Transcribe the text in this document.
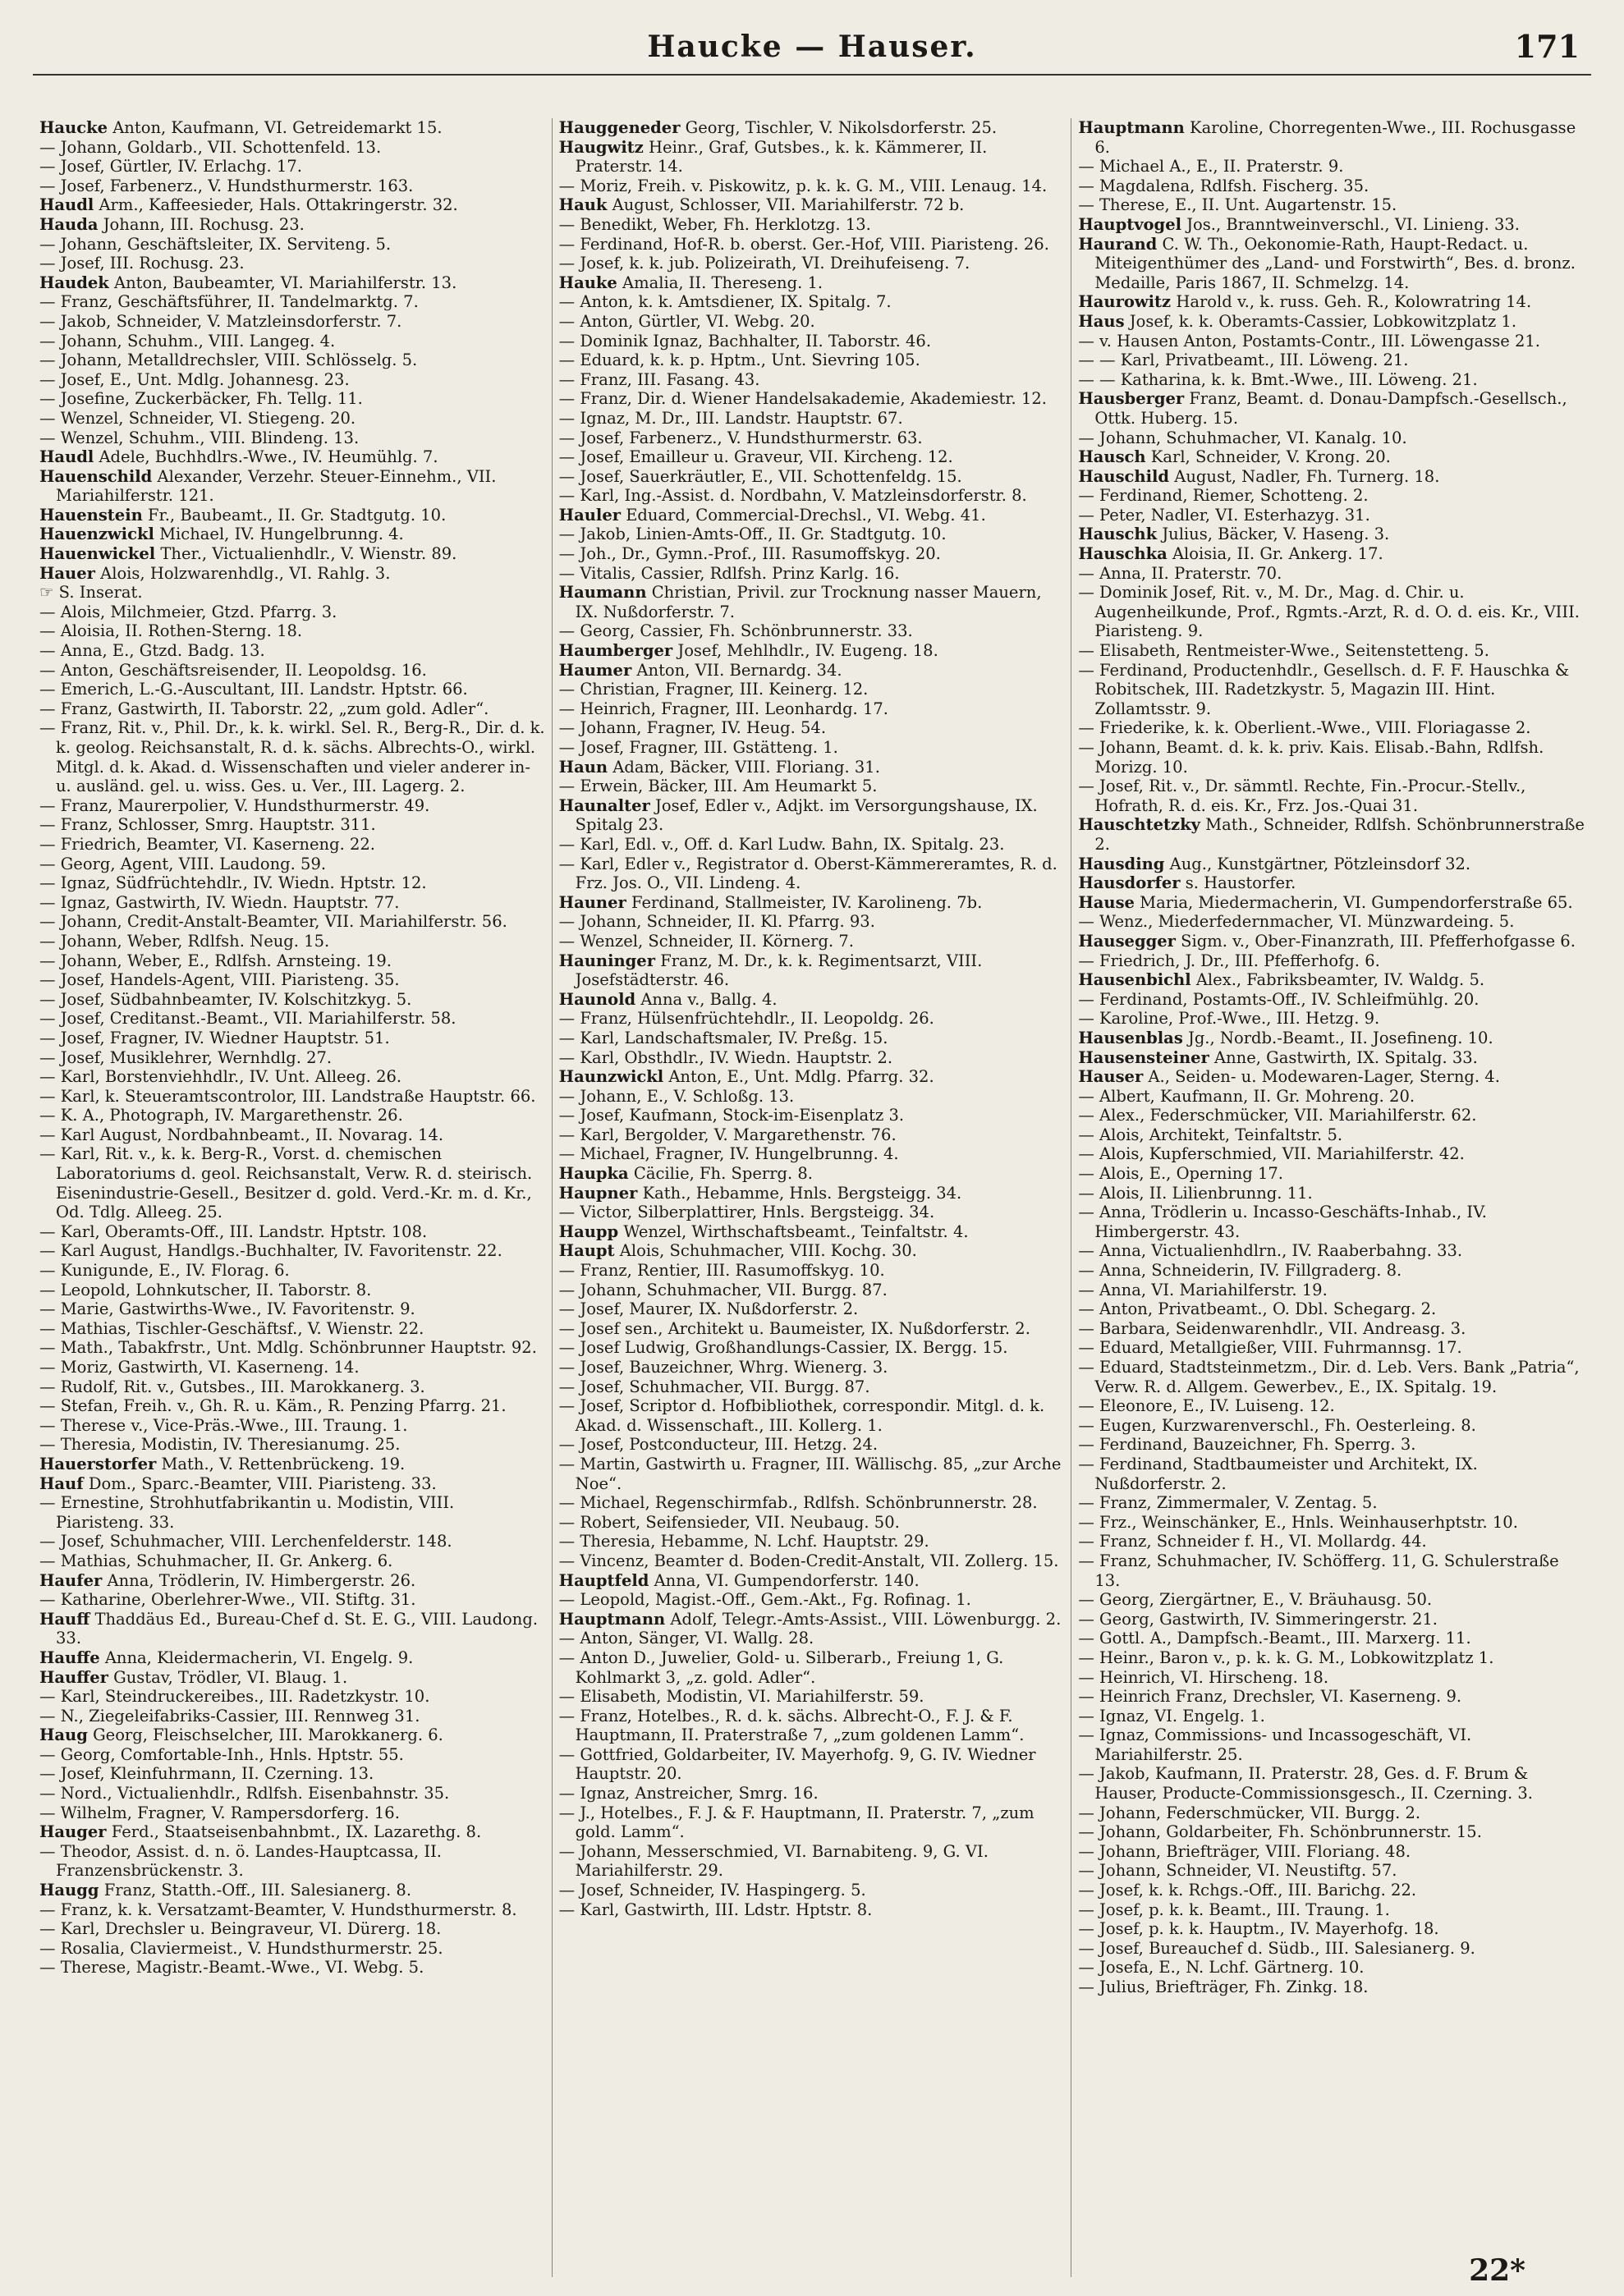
Haucke — Hauser.	171

Haucke Anton, Kaufmann, VI. Getreidemarkt 15.

— Johann, Goldarb., VII. Schottenfeld. 13.

— Josef, Gürtler, IV. Erlachg. 17.

— Josef, Farbenerz., V. Hundsthurmerstr. 163.

Haudl Arm., Kaffeesieder, Hals. Ottakringerstr. 32.

Hauda Johann, III. Rochusg. 23.

— Johann, Geschäftsleiter, IX. Serviteng. 5.

— Josef, III. Rochusg. 23.

Haudek Anton, Baubeamter, VI. Mariahilferstr. 13.

— Franz, Geschäftsführer, II. Tandelmarktg. 7.

— Jakob, Schneider, V. Matzleinsdorferstr. 7.

— Johann, Schuhm., VIII. Langeg. 4.

— Johann, Metalldrechsler, VIII. Schlösselg. 5.

— Josef, E., Unt. Mdlg. Johannesg. 23.

— Josefine, Zuckerbäcker, Fh. Tellg. 11.

— Wenzel, Schneider, VI. Stiegeng. 20.

— Wenzel, Schuhm., VIII. Blindeng. 13.

Haudl Adele, Buchhdlrs.-Wwe., IV. Heumühlg. 7.

Hauenschild Alexander, Verzehr. Steuer-Einnehm., VII. Mariahilferstr. 121.

Hauenstein Fr., Baubeamt., II. Gr. Stadtgutg. 10.

Hauenzwickl Michael, IV. Hungelbrunng. 4.

Hauenwickel Ther., Victualienhdlr., V. Wienstr. 89.

Hauer Alois, Holzwarenhdlg., VI. Rahlg. 3.

☞ S. Inserat.

— Alois, Milchmeier, Gtzd. Pfarrg. 3.

— Aloisia, II. Rothen-Sterng. 18.

— Anna, E., Gtzd. Badg. 13.

— Anton, Geschäftsreisender, II. Leopoldsg. 16.

— Emerich, L.-G.-Auscultant, III. Landstr. Hptstr. 66.

— Franz, Gastwirth, II. Taborstr. 22, „zum gold. Adler“.

— Franz, Rit. v., Phil. Dr., k. k. wirkl. Sel. R., Berg-R., Dir. d. k. k. geolog. Reichsanstalt, R. d. k. sächs. Albrechts-O., wirkl. Mitgl. d. k. Akad. d. Wissenschaften und vieler anderer in- u. ausländ. gel. u. wiss. Ges. u. Ver., III. Lagerg. 2.

— Franz, Maurerpolier, V. Hundsthurmerstr. 49.

— Franz, Schlosser, Smrg. Hauptstr. 311.

— Friedrich, Beamter, VI. Kaserneng. 22.

— Georg, Agent, VIII. Laudong. 59.

— Ignaz, Südfrüchtehdlr., IV. Wiedn. Hptstr. 12.

— Ignaz, Gastwirth, IV. Wiedn. Hauptstr. 77.

— Johann, Credit-Anstalt-Beamter, VII. Mariahilferstr. 56.

— Johann, Weber, Rdlfsh. Neug. 15.

— Johann, Weber, E., Rdlfsh. Arnsteing. 19.

— Josef, Handels-Agent, VIII. Piaristeng. 35.

— Josef, Südbahnbeamter, IV. Kolschitzkyg. 5.

— Josef, Creditanst.-Beamt., VII. Mariahilferstr. 58.

— Josef, Fragner, IV. Wiedner Hauptstr. 51.

— Josef, Musiklehrer, Wernhdlg. 27.

— Karl, Borstenviehhdlr., IV. Unt. Alleeg. 26.

— Karl, k. Steueramtscontrolor, III. Landstraße Hauptstr. 66.

— K. A., Photograph, IV. Margarethenstr. 26.

— Karl August, Nordbahnbeamt., II. Novarag. 14.

— Karl, Rit. v., k. k. Berg-R., Vorst. d. chemischen Laboratoriums d. geol. Reichsanstalt, Verw. R. d. steirisch. Eisenindustrie-Gesell., Besitzer d. gold. Verd.-Kr. m. d. Kr., Od. Tdlg. Alleeg. 25.

— Karl, Oberamts-Off., III. Landstr. Hptstr. 108.

— Karl August, Handlgs.-Buchhalter, IV. Favoritenstr. 22.

— Kunigunde, E., IV. Florag. 6.

— Leopold, Lohnkutscher, II. Taborstr. 8.

— Marie, Gastwirths-Wwe., IV. Favoritenstr. 9.

— Mathias, Tischler-Geschäftsf., V. Wienstr. 22.

— Math., Tabakfrstr., Unt. Mdlg. Schönbrunner Hauptstr. 92.

— Moriz, Gastwirth, VI. Kaserneng. 14.

— Rudolf, Rit. v., Gutsbes., III. Marokkanerg. 3.

— Stefan, Freih. v., Gh. R. u. Käm., R. Penzing Pfarrg. 21.

— Therese v., Vice-Präs.-Wwe., III. Traung. 1.

— Theresia, Modistin, IV. Theresianumg. 25.

Hauerstorfer Math., V. Rettenbrückeng. 19.

Hauf Dom., Sparc.-Beamter, VIII. Piaristeng. 33.

— Ernestine, Strohhutfabrikantin u. Modistin, VIII. Piaristeng. 33.

— Josef, Schuhmacher, VIII. Lerchenfelderstr. 148.

— Mathias, Schuhmacher, II. Gr. Ankerg. 6.

Haufer Anna, Trödlerin, IV. Himbergerstr. 26.

— Katharine, Oberlehrer-Wwe., VII. Stiftg. 31.

Hauff Thaddäus Ed., Bureau-Chef d. St. E. G., VIII. Laudong. 33.

Hauffe Anna, Kleidermacherin, VI. Engelg. 9.

Hauffer Gustav, Trödler, VI. Blaug. 1.

— Karl, Steindruckereibes., III. Radetzkystr. 10.

— N., Ziegeleifabriks-Cassier, III. Rennweg 31.

Haug Georg, Fleischselcher, III. Marokkanerg. 6.

— Georg, Comfortable-Inh., Hnls. Hptstr. 55.

— Josef, Kleinfuhrmann, II. Czerning. 13.

— Nord., Victualienhdlr., Rdlfsh. Eisenbahnstr. 35.

— Wilhelm, Fragner, V. Rampersdorferg. 16.

Hauger Ferd., Staatseisenbahnbmt., IX. Lazarethg. 8.

— Theodor, Assist. d. n. ö. Landes-Hauptcassa, II. Franzensbrückenstr. 3.

Haugg Franz, Statth.-Off., III. Salesianerg. 8.

— Franz, k. k. Versatzamt-Beamter, V. Hundsthurmerstr. 8.

— Karl, Drechsler u. Beingraveur, VI. Dürerg. 18.

— Rosalia, Claviermeist., V. Hundsthurmerstr. 25.

— Therese, Magistr.-Beamt.-Wwe., VI. Webg. 5.

Hauggeneder Georg, Tischler, V. Nikolsdorferstr. 25.

Haugwitz Heinr., Graf, Gutsbes., k. k. Kämmerer, II. Praterstr. 14.

— Moriz, Freih. v. Piskowitz, p. k. k. G. M., VIII. Lenaug. 14.

Hauk August, Schlosser, VII. Mariahilferstr. 72 b.

— Benedikt, Weber, Fh. Herklotzg. 13.

— Ferdinand, Hof-R. b. oberst. Ger.-Hof, VIII. Piaristeng. 26.

— Josef, k. k. jub. Polizeirath, VI. Dreihufeiseng. 7.

Hauke Amalia, II. Thereseng. 1.

— Anton, k. k. Amtsdiener, IX. Spitalg. 7.

— Anton, Gürtler, VI. Webg. 20.

— Dominik Ignaz, Bachhalter, II. Taborstr. 46.

— Eduard, k. k. p. Hptm., Unt. Sievring 105.

— Franz, III. Fasang. 43.

— Franz, Dir. d. Wiener Handelsakademie, Akademiestr. 12.

— Ignaz, M. Dr., III. Landstr. Hauptstr. 67.

— Josef, Farbenerz., V. Hundsthurmerstr. 63.

— Josef, Emailleur u. Graveur, VII. Kircheng. 12.

— Josef, Sauerkräutler, E., VII. Schottenfeldg. 15.

— Karl, Ing.-Assist. d. Nordbahn, V. Matzleinsdorferstr. 8.

Hauler Eduard, Commercial-Drechsl., VI. Webg. 41.

— Jakob, Linien-Amts-Off., II. Gr. Stadtgutg. 10.

— Joh., Dr., Gymn.-Prof., III. Rasumoffskyg. 20.

— Vitalis, Cassier, Rdlfsh. Prinz Karlg. 16.

Haumann Christian, Privil. zur Trocknung nasser Mauern, IX. Nußdorferstr. 7.

— Georg, Cassier, Fh. Schönbrunnerstr. 33.

Haumberger Josef, Mehlhdlr., IV. Eugeng. 18.

Haumer Anton, VII. Bernardg. 34.

— Christian, Fragner, III. Keinerg. 12.

— Heinrich, Fragner, III. Leonhardg. 17.

— Johann, Fragner, IV. Heug. 54.

— Josef, Fragner, III. Gstätteng. 1.

Haun Adam, Bäcker, VIII. Floriang. 31.

— Erwein, Bäcker, III. Am Heumarkt 5.

Haunalter Josef, Edler v., Adjkt. im Versorgungshause, IX. Spitalg 23.

— Karl, Edl. v., Off. d. Karl Ludw. Bahn, IX. Spitalg. 23.

— Karl, Edler v., Registrator d. Oberst-Kämmereramtes, R. d. Frz. Jos. O., VII. Lindeng. 4.

Hauner Ferdinand, Stallmeister, IV. Karolineng. 7b.

— Johann, Schneider, II. Kl. Pfarrg. 93.

— Wenzel, Schneider, II. Körnerg. 7.

Hauninger Franz, M. Dr., k. k. Regimentsarzt, VIII. Josefstädterstr. 46.

Haunold Anna v., Ballg. 4.

— Franz, Hülsenfrüchtehdlr., II. Leopoldg. 26.

— Karl, Landschaftsmaler, IV. Preßg. 15.

— Karl, Obsthdlr., IV. Wiedn. Hauptstr. 2.

Haunzwickl Anton, E., Unt. Mdlg. Pfarrg. 32.

— Johann, E., V. Schloßg. 13.

— Josef, Kaufmann, Stock-im-Eisenplatz 3.

— Karl, Bergolder, V. Margarethenstr. 76.

— Michael, Fragner, IV. Hungelbrunng. 4.

Haupka Cäcilie, Fh. Sperrg. 8.

Haupner Kath., Hebamme, Hnls. Bergsteigg. 34.

— Victor, Silberplattirer, Hnls. Bergsteigg. 34.

Haupp Wenzel, Wirthschaftsbeamt., Teinfaltstr. 4.

Haupt Alois, Schuhmacher, VIII. Kochg. 30.

— Franz, Rentier, III. Rasumoffskyg. 10.

— Johann, Schuhmacher, VII. Burgg. 87.

— Josef, Maurer, IX. Nußdorferstr. 2.

— Josef sen., Architekt u. Baumeister, IX. Nußdorferstr. 2.

— Josef Ludwig, Großhandlungs-Cassier, IX. Bergg. 15.

— Josef, Bauzeichner, Whrg. Wienerg. 3.

— Josef, Schuhmacher, VII. Burgg. 87.

— Josef, Scriptor d. Hofbibliothek, correspondir. Mitgl. d. k. Akad. d. Wissenschaft., III. Kollerg. 1.

— Josef, Postconducteur, III. Hetzg. 24.

— Martin, Gastwirth u. Fragner, III. Wällischg. 85, „zur Arche Noe“.

— Michael, Regenschirmfab., Rdlfsh. Schönbrunnerstr. 28.

— Robert, Seifensieder, VII. Neubaug. 50.

— Theresia, Hebamme, N. Lchf. Hauptstr. 29.

— Vincenz, Beamter d. Boden-Credit-Anstalt, VII. Zollerg. 15.

Hauptfeld Anna, VI. Gumpendorferstr. 140.

— Leopold, Magist.-Off., Gem.-Akt., Fg. Rofinag. 1.

Hauptmann Adolf, Telegr.-Amts-Assist., VIII. Löwenburgg. 2.

— Anton, Sänger, VI. Wallg. 28.

— Anton D., Juwelier, Gold- u. Silberarb., Freiung 1, G. Kohlmarkt 3, „z. gold. Adler“.

— Elisabeth, Modistin, VI. Mariahilferstr. 59.

— Franz, Hotelbes., R. d. k. sächs. Albrecht-O., F. J. & F. Hauptmann, II. Praterstraße 7, „zum goldenen Lamm“.

— Gottfried, Goldarbeiter, IV. Mayerhofg. 9, G. IV. Wiedner Hauptstr. 20.

— Ignaz, Anstreicher, Smrg. 16.

— J., Hotelbes., F. J. & F. Hauptmann, II. Praterstr. 7, „zum gold. Lamm“.

— Johann, Messerschmied, VI. Barnabiteng. 9, G. VI. Mariahilferstr. 29.

— Josef, Schneider, IV. Haspingerg. 5.

— Karl, Gastwirth, III. Ldstr. Hptstr. 8.

Hauptmann Karoline, Chorregenten-Wwe., III. Rochusgasse 6.

— Michael A., E., II. Praterstr. 9.

— Magdalena, Rdlfsh. Fischerg. 35.

— Therese, E., II. Unt. Augartenstr. 15.

Hauptvogel Jos., Branntweinverschl., VI. Linieng. 33.

Haurand C. W. Th., Oekonomie-Rath, Haupt-Redact. u. Miteigenthümer des „Land- und Forstwirth“, Bes. d. bronz. Medaille, Paris 1867, II. Schmelzg. 14.

Haurowitz Harold v., k. russ. Geh. R., Kolowratring 14.

Haus Josef, k. k. Oberamts-Cassier, Lobkowitzplatz 1.

— v. Hausen Anton, Postamts-Contr., III. Löwengasse 21.

— — Karl, Privatbeamt., III. Löweng. 21.

— — Katharina, k. k. Bmt.-Wwe., III. Löweng. 21.

Hausberger Franz, Beamt. d. Donau-Dampfsch.-Gesellsch., Ottk. Huberg. 15.

— Johann, Schuhmacher, VI. Kanalg. 10.

Hausch Karl, Schneider, V. Krong. 20.

Hauschild August, Nadler, Fh. Turnerg. 18.

— Ferdinand, Riemer, Schotteng. 2.

— Peter, Nadler, VI. Esterhazyg. 31.

Hauschk Julius, Bäcker, V. Haseng. 3.

Hauschka Aloisia, II. Gr. Ankerg. 17.

— Anna, II. Praterstr. 70.

— Dominik Josef, Rit. v., M. Dr., Mag. d. Chir. u. Augenheilkunde, Prof., Rgmts.-Arzt, R. d. O. d. eis. Kr., VIII. Piaristeng. 9.

— Elisabeth, Rentmeister-Wwe., Seitenstetteng. 5.

— Ferdinand, Productenhdlr., Gesellsch. d. F. F. Hauschka & Robitschek, III. Radetzkystr. 5, Magazin III. Hint. Zollamtsstr. 9.

— Friederike, k. k. Oberlient.-Wwe., VIII. Floriagasse 2.

— Johann, Beamt. d. k. k. priv. Kais. Elisab.-Bahn, Rdlfsh. Morizg. 10.

— Josef, Rit. v., Dr. sämmtl. Rechte, Fin.-Procur.-Stellv., Hofrath, R. d. eis. Kr., Frz. Jos.-Quai 31.

Hauschtetzky Math., Schneider, Rdlfsh. Schönbrunnerstraße 2.

Hausding Aug., Kunstgärtner, Pötzleinsdorf 32.

Hausdorfer s. Haustorfer.

Hause Maria, Miedermacherin, VI. Gumpendorferstraße 65.

— Wenz., Miederfedernmacher, VI. Münzwardeing. 5.

Hausegger Sigm. v., Ober-Finanzrath, III. Pfefferhofgasse 6.

— Friedrich, J. Dr., III. Pfefferhofg. 6.

Hausenbichl Alex., Fabriksbeamter, IV. Waldg. 5.

— Ferdinand, Postamts-Off., IV. Schleifmühlg. 20.

— Karoline, Prof.-Wwe., III. Hetzg. 9.

Hausenblas Jg., Nordb.-Beamt., II. Josefineng. 10.

Hausensteiner Anne, Gastwirth, IX. Spitalg. 33.

Hauser A., Seiden- u. Modewaren-Lager, Sterng. 4.

— Albert, Kaufmann, II. Gr. Mohreng. 20.

— Alex., Federschmücker, VII. Mariahilferstr. 62.

— Alois, Architekt, Teinfaltstr. 5.

— Alois, Kupferschmied, VII. Mariahilferstr. 42.

— Alois, E., Operning 17.

— Alois, II. Lilienbrunng. 11.

— Anna, Trödlerin u. Incasso-Geschäfts-Inhab., IV. Himbergerstr. 43.

— Anna, Victualienhdlrn., IV. Raaberbahng. 33.

— Anna, Schneiderin, IV. Fillgraderg. 8.

— Anna, VI. Mariahilferstr. 19.

— Anton, Privatbeamt., O. Dbl. Schegarg. 2.

— Barbara, Seidenwarenhdlr., VII. Andreasg. 3.

— Eduard, Metallgießer, VIII. Fuhrmannsg. 17.

— Eduard, Stadtsteinmetzm., Dir. d. Leb. Vers. Bank „Patria“, Verw. R. d. Allgem. Gewerbev., E., IX. Spitalg. 19.

— Eleonore, E., IV. Luiseng. 12.

— Eugen, Kurzwarenverschl., Fh. Oesterleing. 8.

— Ferdinand, Bauzeichner, Fh. Sperrg. 3.

— Ferdinand, Stadtbaumeister und Architekt, IX. Nußdorferstr. 2.

— Franz, Zimmermaler, V. Zentag. 5.

— Frz., Weinschänker, E., Hnls. Weinhauserhptstr. 10.

— Franz, Schneider f. H., VI. Mollardg. 44.

— Franz, Schuhmacher, IV. Schöfferg. 11, G. Schulerstraße 13.

— Georg, Ziergärtner, E., V. Bräuhausg. 50.

— Georg, Gastwirth, IV. Simmeringerstr. 21.

— Gottl. A., Dampfsch.-Beamt., III. Marxerg. 11.

— Heinr., Baron v., p. k. k. G. M., Lobkowitzplatz 1.

— Heinrich, VI. Hirscheng. 18.

— Heinrich Franz, Drechsler, VI. Kaserneng. 9.

— Ignaz, VI. Engelg. 1.

— Ignaz, Commissions- und Incassogeschäft, VI. Mariahilferstr. 25.

— Jakob, Kaufmann, II. Praterstr. 28, Ges. d. F. Brum & Hauser, Producte-Commissionsgesch., II. Czerning. 3.

— Johann, Federschmücker, VII. Burgg. 2.

— Johann, Goldarbeiter, Fh. Schönbrunnerstr. 15.

— Johann, Briefträger, VIII. Floriang. 48.

— Johann, Schneider, VI. Neustiftg. 57.

— Josef, k. k. Rchgs.-Off., III. Barichg. 22.

— Josef, p. k. k. Beamt., III. Traung. 1.

— Josef, p. k. k. Hauptm., IV. Mayerhofg. 18.

— Josef, Bureauchef d. Südb., III. Salesianerg. 9.

— Josefa, E., N. Lchf. Gärtnerg. 10.

— Julius, Briefträger, Fh. Zinkg. 18.

22*
